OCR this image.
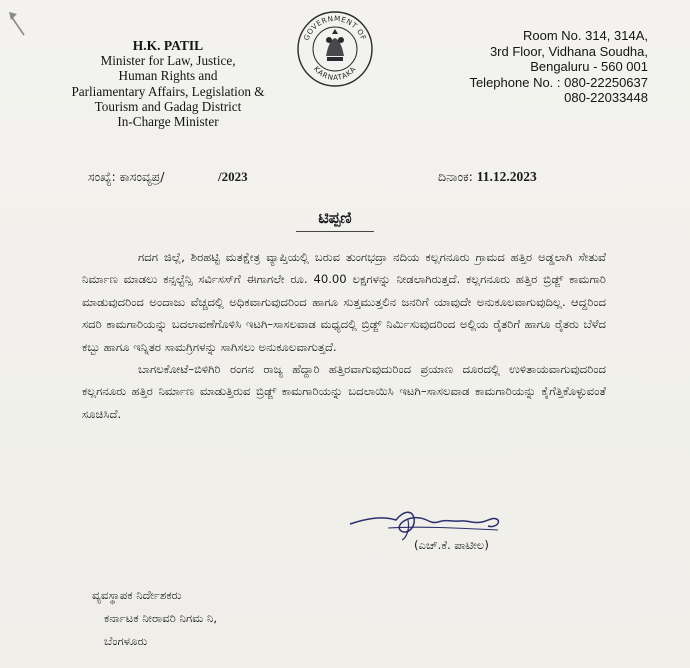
H.K. PATIL
Minister for Law, Justice,
Human Rights and
Parliamentary Affairs, Legislation &
Tourism and Gadag District
In-Charge Minister
GOVERNMENT OF
KARNATAKA
Room No. 314, 314A,
3rd Floor, Vidhana Soudha,
Bengaluru - 560 001
Telephone No. : 080-22250637
080-22033448
ಸಂಖ್ಯೆ: ಕಾಸಂವ್ಯಪ್ರ/	/2023	ದಿನಾಂಕ: 11.12.2023
ಟಿಪ್ಪಣಿ

ಗದಗ ಜಿಲ್ಲೆ, ಶಿರಹಟ್ಟಿ ಮತಕ್ಷೇತ್ರ ವ್ಯಾಪ್ತಿಯಲ್ಲಿ ಬರುವ ತುಂಗಭದ್ರಾ ನದಿಯ ಕಲ್ಲಗನೂರು ಗ್ರಾಮದ ಹತ್ತಿರ ಅಡ್ಡಲಾಗಿ ಸೇತುವೆ ನಿರ್ಮಾಣ ಮಾಡಲು ಕನ್ಸಲ್ಟೆನ್ಸಿ ಸರ್ವಿಸಸ್‌ಗೆ ಈಗಾಗಲೇ ರೂ. 40.00 ಲಕ್ಷಗಳನ್ನು ನೀಡಲಾಗಿರುತ್ತದೆ. ಕಲ್ಲಗನೂರು ಹತ್ತಿರ ಬ್ರಿಡ್ಜ್ ಕಾಮಗಾರಿ ಮಾಡುವುದರಿಂದ ಅಂದಾಜು ವೆಚ್ಚದಲ್ಲಿ ಅಧಿಕವಾಗುವುದರಿಂದ ಹಾಗೂ ಸುತ್ತಮುತ್ತಲಿನ ಜನರಿಗೆ ಯಾವುದೇ ಅನುಕೂಲವಾಗುವುದಿಲ್ಲ. ಆದ್ದರಿಂದ ಸದರಿ ಕಾಮಗಾರಿಯನ್ನು ಬದಲಾವಣೆಗೊಳಿಸಿ ಇಟಗಿ–ಸಾಸಲವಾಡ ಮಧ್ಯದಲ್ಲಿ ಬ್ರಿಡ್ಜ್ ನಿರ್ಮಿಸುವುದರಿಂದ ಅಲ್ಲಿಯ ರೈತರಿಗೆ ಹಾಗೂ ರೈತರು ಬೆಳೆದ ಕಬ್ಬು ಹಾಗೂ ಇನ್ನಿತರ ಸಾಮಗ್ರಿಗಳನ್ನು ಸಾಗಿಸಲು ಅನುಕೂಲವಾಗುತ್ತದೆ.

ಬಾಗಲಕೋಟೆ–ಬಿಳಿಗಿರಿ ರಂಗನ ರಾಜ್ಯ ಹೆದ್ದಾರಿ ಹತ್ತಿರವಾಗುವುದುರಿಂದ ಪ್ರಯಾಣ ದೂರದಲ್ಲಿ ಉಳಿತಾಯವಾಗುವುದರಿಂದ ಕಲ್ಲಗನೂರು ಹತ್ತಿರ ನಿರ್ಮಾಣ ಮಾಡುತ್ತಿರುವ ಬ್ರಿಡ್ಜ್ ಕಾಮಗಾರಿಯನ್ನು ಬದಲಾಯಿಸಿ ಇಟಗಿ–ಸಾಸಲವಾಡ ಕಾಮಗಾರಿಯನ್ನು ಕೈಗೆತ್ತಿಕೊಳ್ಳುವಂತೆ ಸೂಚಿಸಿದೆ.

(ಎಚ್.ಕೆ. ಪಾಟೀಲ)
ವ್ಯವಸ್ಥಾಪಕ ನಿರ್ದೇಶಕರು
ಕರ್ನಾಟಕ ನೀರಾವರಿ ನಿಗಮ ನಿ,
ಬೆಂಗಳೂರು
